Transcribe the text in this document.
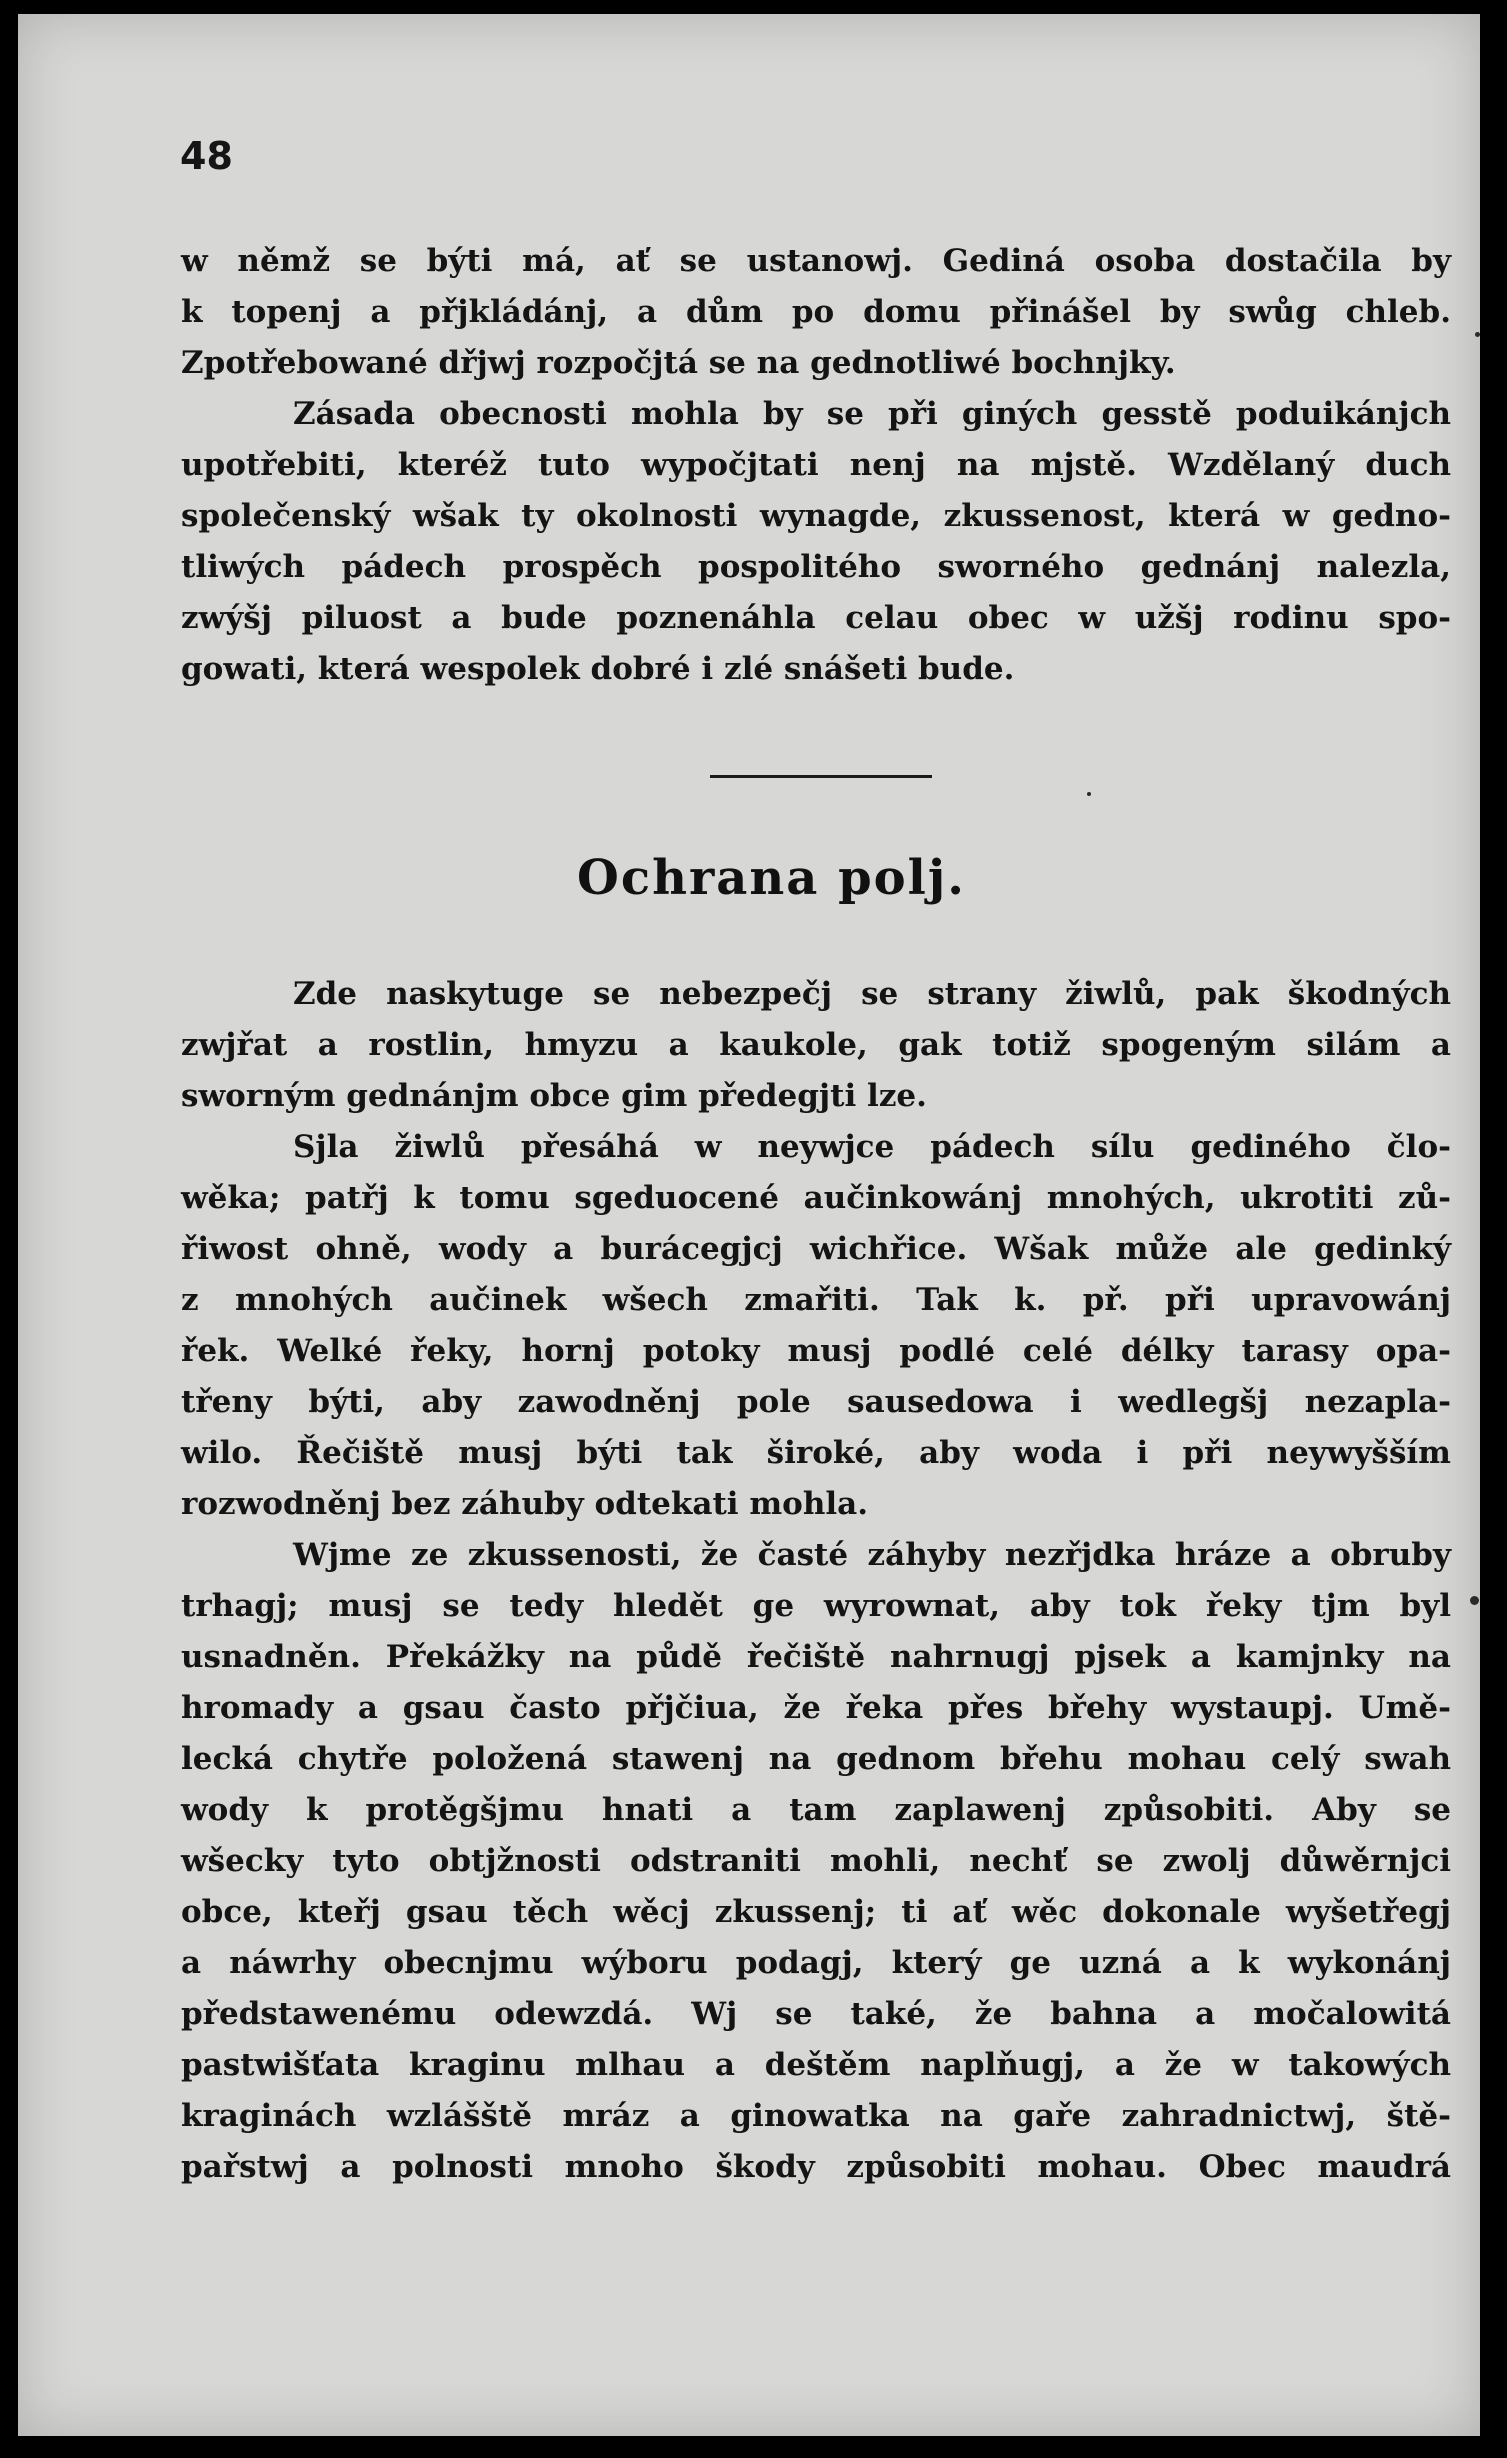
48
w němž se býti má, ať se ustanowj. Gediná osoba dostačila by
k topenj a přjkládánj, a dům po domu přinášel by swůg chleb.
Zpotřebowané dřjwj rozpočjtá se na gednotliwé bochnjky.
Zásada obecnosti mohla by se při giných gesstě poduikánjch
upotřebiti, kteréž tuto wypočjtati nenj na mjstě. Wzdělaný duch
společenský wšak ty okolnosti wynagde, zkussenost, která w gedno-
tliwých pádech prospěch pospolitého sworného gednánj nalezla,
zwýšj piluost a bude poznenáhla celau obec w užšj rodinu spo-
gowati, která wespolek dobré i zlé snášeti bude.
Ochrana polj.
Zde naskytuge se nebezpečj se strany žiwlů, pak škodných
zwjřat a rostlin, hmyzu a kaukole, gak totiž spogeným silám a
sworným gednánjm obce gim předegjti lze.
Sjla žiwlů přesáhá w neywjce pádech sílu gediného člo-
wěka; patřj k tomu sgeduocené aučinkowánj mnohých, ukrotiti zů-
řiwost ohně, wody a burácegjcj wichřice. Wšak může ale gedinký
z mnohých aučinek wšech zmařiti. Tak k. př. při upravowánj
řek. Welké řeky, hornj potoky musj podlé celé délky tarasy opa-
třeny býti, aby zawodněnj pole sausedowa i wedlegšj nezapla-
wilo. Řečiště musj býti tak široké, aby woda i při neywyšším
rozwodněnj bez záhuby odtekati mohla.
Wjme ze zkussenosti, že časté záhyby nezřjdka hráze a obruby
trhagj; musj se tedy hledět ge wyrownat, aby tok řeky tjm byl
usnadněn. Překážky na půdě řečiště nahrnugj pjsek a kamjnky na
hromady a gsau často přjčiua, že řeka přes břehy wystaupj. Umě-
lecká chytře položená stawenj na gednom břehu mohau celý swah
wody k protěgšjmu hnati a tam zaplawenj způsobiti. Aby se
wšecky tyto obtjžnosti odstraniti mohli, nechť se zwolj důwěrnjci
obce, kteřj gsau těch wěcj zkussenj; ti ať wěc dokonale wyšetřegj
a náwrhy obecnjmu wýboru podagj, který ge uzná a k wykonánj
předstawenému odewzdá. Wj se také, že bahna a močalowitá
pastwišťata kraginu mlhau a deštěm naplňugj, a že w takowých
kraginách wzlášště mráz a ginowatka na gaře zahradnictwj, ště-
pařstwj a polnosti mnoho škody způsobiti mohau. Obec maudrá
